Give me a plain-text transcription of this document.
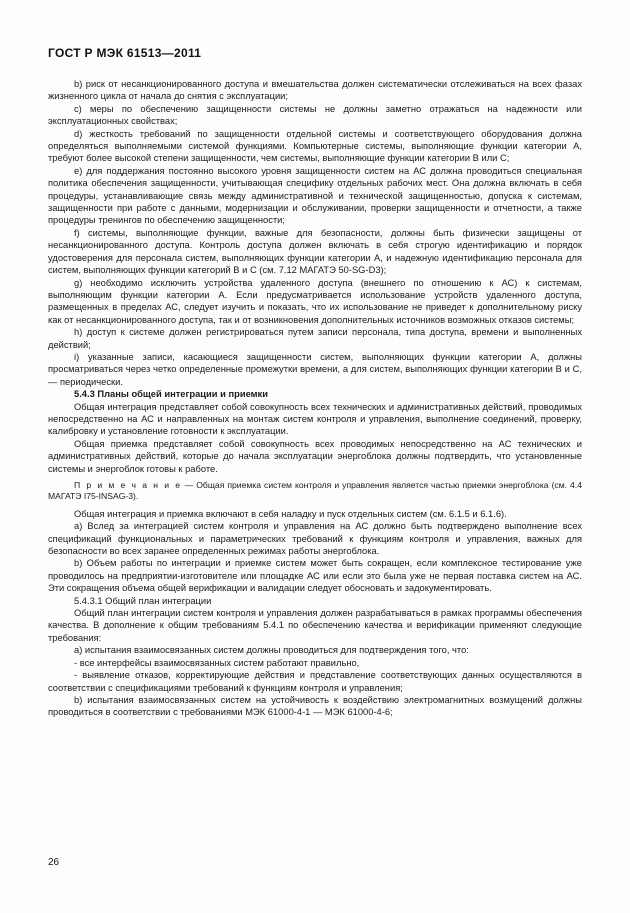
ГОСТ Р МЭК 61513—2011

b) риск от несанкционированного доступа и вмешательства должен систематически отслеживаться на всех фазах жизненного цикла от начала до снятия с эксплуатации;

c) меры по обеспечению защищенности системы не должны заметно отражаться на надежности или эксплуатационных свойствах;

d) жесткость требований по защищенности отдельной системы и соответствующего оборудования должна определяться выполняемыми системой функциями. Компьютерные системы, выполняющие функции категории А, требуют более высокой степени защищенности, чем системы, выполняющие функции категории В или С;

e) для поддержания постоянно высокого уровня защищенности систем на АС должна проводиться специальная политика обеспечения защищенности, учитывающая специфику отдельных рабочих мест. Она должна включать в себя процедуры, устанавливающие связь между административной и технической защищенностью, допуска к системам, защищенности при работе с данными, модернизации и обслуживании, проверки защищенности и отчетности, а также процедуры тренингов по обеспечению защищенности;

f) системы, выполняющие функции, важные для безопасности, должны быть физически защищены от несанкционированного доступа. Контроль доступа должен включать в себя строгую идентификацию и порядок удостоверения для персонала систем, выполняющих функции категории А, и надежную идентификацию персонала для систем, выполняющих функции категорий В и С (см. 7.12 МАГАТЭ 50-SG-D3);

g) необходимо исключить устройства удаленного доступа (внешнего по отношению к АС) к системам, выполняющим функции категории А. Если предусматривается использование устройств удаленного доступа, размещенных в пределах АС, следует изучить и показать, что их использование не приведет к дополнительному риску как от несанкционированного доступа, так и от возникновения дополнительных источников возможных отказов системы;

h) доступ к системе должен регистрироваться путем записи персонала, типа доступа, времени и выполненных действий;

i) указанные записи, касающиеся защищенности систем, выполняющих функции категории А, должны просматриваться через четко определенные промежутки времени, а для систем, выполняющих функции категории В и С, — периодически.

5.4.3 Планы общей интеграции и приемки

Общая интеграция представляет собой совокупность всех технических и административных действий, проводимых непосредственно на АС и направленных на монтаж систем контроля и управления, выполнение соединений, проверку, калибровку и установление готовности к эксплуатации.

Общая приемка представляет собой совокупность всех проводимых непосредственно на АС технических и административных действий, которые до начала эксплуатации энергоблока должны подтвердить, что установленные системы и энергоблок готовы к работе.

П р и м е ч а н и е — Общая приемка систем контроля и управления является частью приемки энергоблока (см. 4.4 МАГАТЭ I75-INSAG-3).

Общая интеграция и приемка включают в себя наладку и пуск отдельных систем (см. 6.1.5 и 6.1.6).

a) Вслед за интеграцией систем контроля и управления на АС должно быть подтверждено выполнение всех спецификаций функциональных и параметрических требований к функциям контроля и управления, важных для безопасности во всех заранее определенных режимах работы энергоблока.

b) Объем работы по интеграции и приемке систем может быть сокращен, если комплексное тестирование уже проводилось на предприятии-изготовителе или площадке АС или если это была уже не первая поставка систем на АС. Эти сокращения объема общей верификации и валидации следует обосновать и задокументировать.

5.4.3.1 Общий план интеграции

Общий план интеграции систем контроля и управления должен разрабатываться в рамках программы обеспечения качества. В дополнение к общим требованиям 5.4.1 по обеспечению качества и верификации применяют следующие требования:

a) испытания взаимосвязанных систем должны проводиться для подтверждения того, что:

- все интерфейсы взаимосвязанных систем работают правильно,

- выявление отказов, корректирующие действия и представление соответствующих данных осуществляются в соответствии с спецификациями требований к функциям контроля и управления;

b) испытания взаимосвязанных систем на устойчивость к воздействию электромагнитных возмущений должны проводиться в соответствии с требованиями МЭК 61000-4-1 — МЭК 61000-4-6;

26
